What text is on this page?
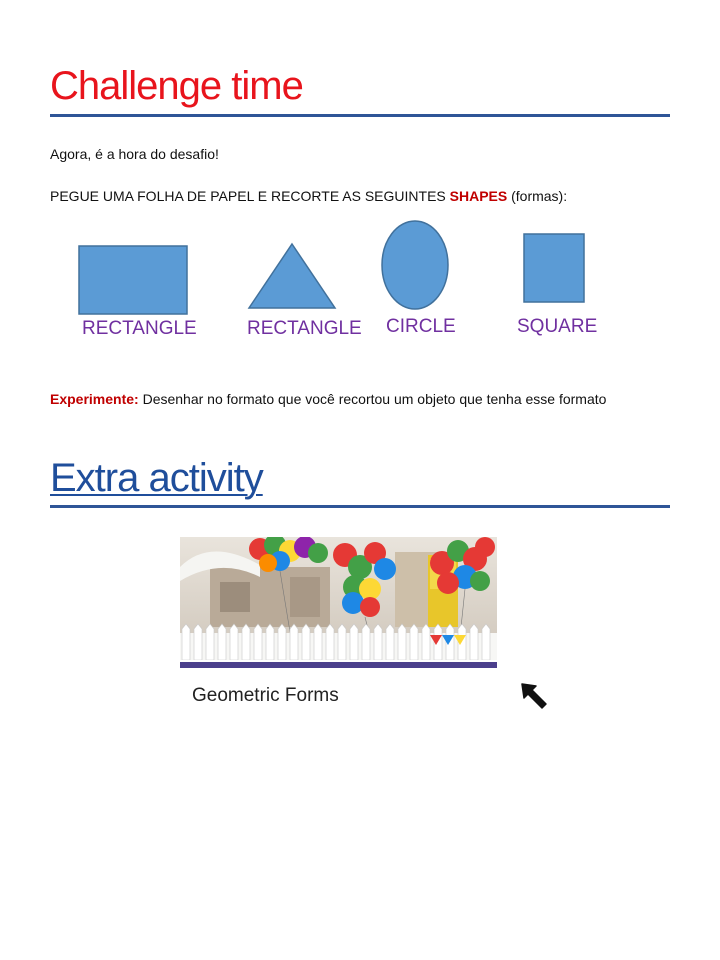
Challenge time
Agora, é a hora do desafio!
PEGUE UMA FOLHA DE PAPEL E RECORTE AS SEGUINTES SHAPES (formas):
RECTANGLE	RECTANGLE CIRCLE	SQUARE
Experimente: Desenhar no formato que você recortou um objeto que tenha esse formato
Extra activity
Geometric Forms
